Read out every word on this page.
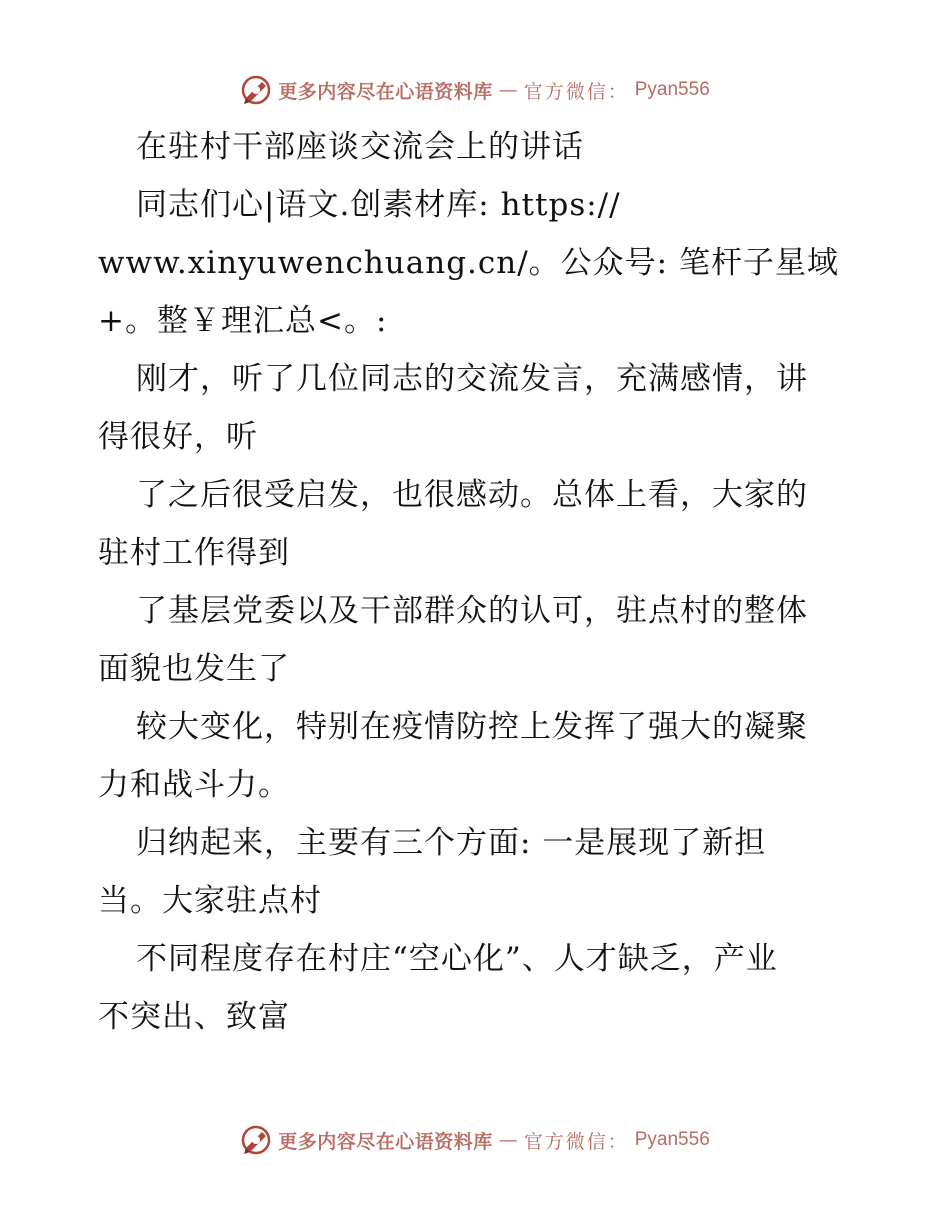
更多内容尽在心语资料库 — 官方微信： Pyan556
在驻村干部座谈交流会上的讲话
同志们心|语文.创素材库: https://
www.xinyuwenchuang.cn/。公众号: 笔杆子星域
+。整￥理汇总<。:
刚才，听了几位同志的交流发言，充满感情，讲
得很好，听
了之后很受启发，也很感动。总体上看，大家的
驻村工作得到
了基层党委以及干部群众的认可，驻点村的整体
面貌也发生了
较大变化，特别在疫情防控上发挥了强大的凝聚
力和战斗力。
归纳起来，主要有三个方面: 一是展现了新担
当。大家驻点村
不同程度存在村庄“空心化”、人才缺乏，产业
不突出、致富
更多内容尽在心语资料库 — 官方微信： Pyan556
